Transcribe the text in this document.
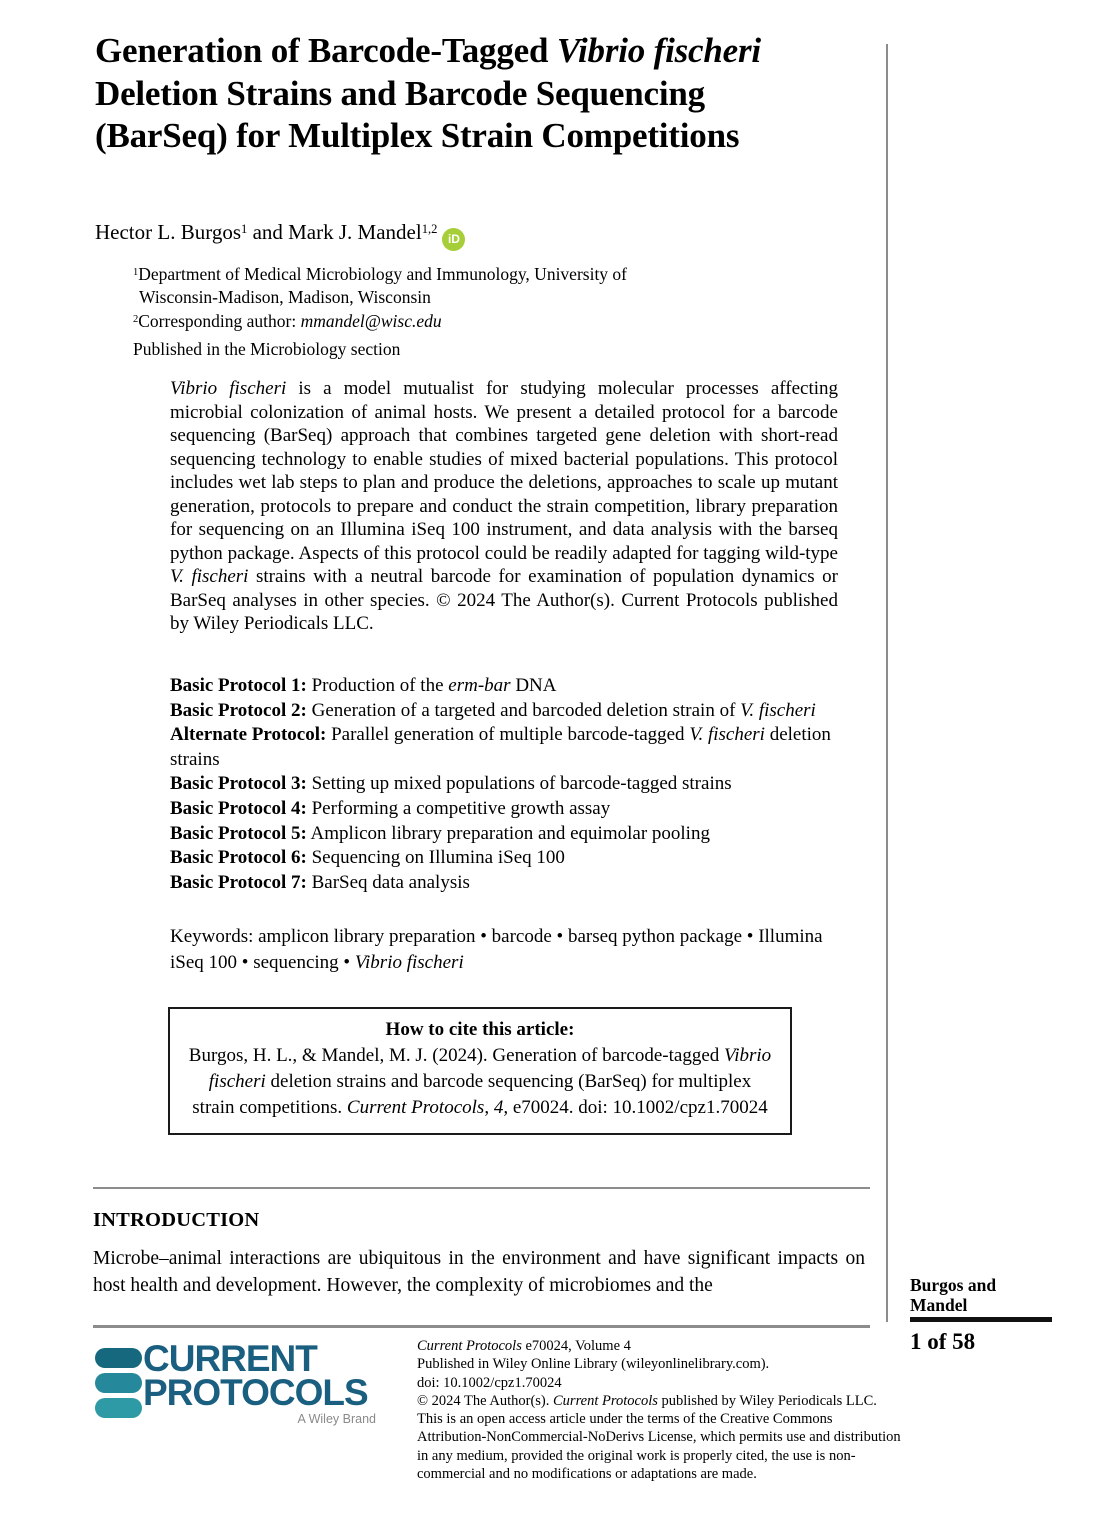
Generation of Barcode-Tagged Vibrio fischeri Deletion Strains and Barcode Sequencing (BarSeq) for Multiplex Strain Competitions
Hector L. Burgos$^1$ and Mark J. Mandel$^{1,2}$iD
$^1$Department of Medical Microbiology and Immunology, University of Wisconsin-Madison, Madison, Wisconsin
$^2$Corresponding author: mmandel@wisc.edu
Published in the Microbiology section
Vibrio fischeri is a model mutualist for studying molecular processes affecting microbial colonization of animal hosts. We present a detailed protocol for a barcode sequencing (BarSeq) approach that combines targeted gene deletion with short-read sequencing technology to enable studies of mixed bacterial populations. This protocol includes wet lab steps to plan and produce the deletions, approaches to scale up mutant generation, protocols to prepare and conduct the strain competition, library preparation for sequencing on an Illumina iSeq 100 instrument, and data analysis with the barseq python package. Aspects of this protocol could be readily adapted for tagging wild-type V. fischeri strains with a neutral barcode for examination of population dynamics or BarSeq analyses in other species. © 2024 The Author(s). Current Protocols published by Wiley Periodicals LLC.
Basic Protocol 1: Production of the erm-bar DNA
Basic Protocol 2: Generation of a targeted and barcoded deletion strain of V. fischeri
Alternate Protocol: Parallel generation of multiple barcode-tagged V. fischeri deletion strains
Basic Protocol 3: Setting up mixed populations of barcode-tagged strains
Basic Protocol 4: Performing a competitive growth assay
Basic Protocol 5: Amplicon library preparation and equimolar pooling
Basic Protocol 6: Sequencing on Illumina iSeq 100
Basic Protocol 7: BarSeq data analysis
Keywords: amplicon library preparation • barcode • barseq python package • Illumina iSeq 100 • sequencing • Vibrio fischeri
How to cite this article:
Burgos, H. L., & Mandel, M. J. (2024). Generation of barcode-tagged Vibrio fischeri deletion strains and barcode sequencing (BarSeq) for multiplex strain competitions. Current Protocols, 4, e70024. doi: 10.1002/cpz1.70024
INTRODUCTION

Microbe–animal interactions are ubiquitous in the environment and have significant impacts on host health and development. However, the complexity of microbiomes and the	Burgos and Mandel
1 of 58
CURRENT
PROTOCOLS
A Wiley Brand
Current Protocols e70024, Volume 4
Published in Wiley Online Library (wileyonlinelibrary.com).
doi: 10.1002/cpz1.70024
© 2024 The Author(s). Current Protocols published by Wiley Periodicals LLC. This is an open access article under the terms of the Creative Commons Attribution-NonCommercial-NoDerivs License, which permits use and distribution in any medium, provided the original work is properly cited, the use is non-commercial and no modifications or adaptations are made.
